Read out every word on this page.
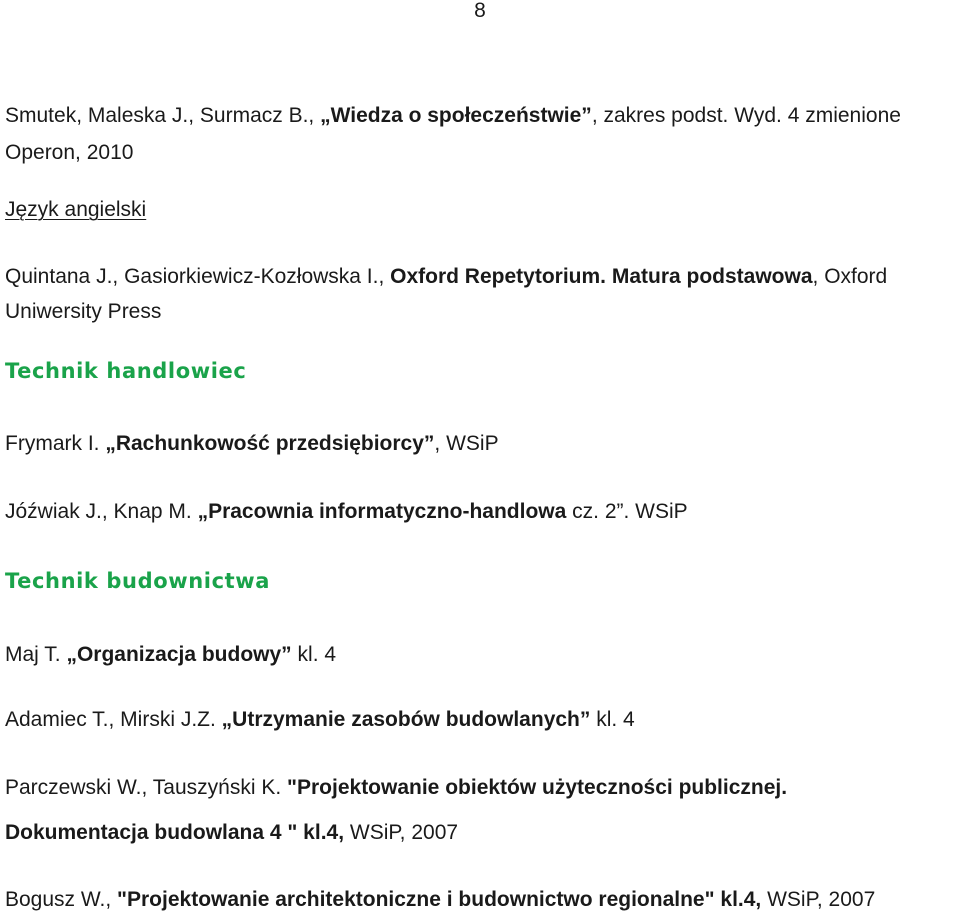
8
Smutek, Maleska J., Surmacz B., „Wiedza o społeczeństwie”, zakres podst. Wyd. 4 zmienione
Operon, 2010
Język angielski
Quintana J., Gasiorkiewicz-Kozłowska I., Oxford Repetytorium. Matura podstawowa, Oxford
Uniwersity Press
Technik handlowiec
Frymark I. „Rachunkowość przedsiębiorcy”, WSiP
Jóźwiak J., Knap M. „Pracownia informatyczno-handlowa cz. 2”. WSiP
Technik budownictwa
Maj T. „Organizacja budowy” kl. 4
Adamiec T., Mirski J.Z. „Utrzymanie zasobów budowlanych” kl. 4
Parczewski W., Tauszyński K. "Projektowanie obiektów użyteczności publicznej.
Dokumentacja budowlana 4 " kl.4, WSiP, 2007
Bogusz W., "Projektowanie architektoniczne i budownictwo regionalne" kl.4, WSiP, 2007
